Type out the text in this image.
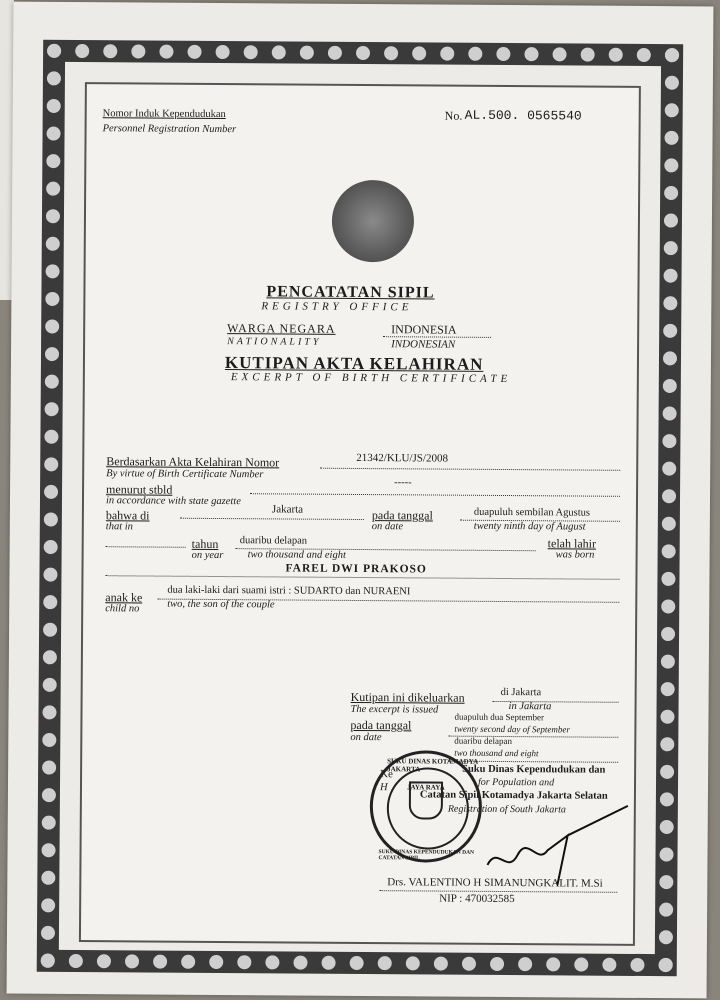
Nomor Induk Kependudukan
Personnel Registration Number
No. AL.500. 0565540
PENCATATAN SIPIL
REGISTRY OFFICE
WARGA NEGARA
NATIONALITY
INDONESIA
INDONESIAN
KUTIPAN AKTA KELAHIRAN
EXCERPT OF BIRTH CERTIFICATE
Berdasarkan Akta Kelahiran Nomor
By virtue of Birth Certificate Number
21342/KLU/JS/2008
menurut stbld
in accordance with state gazette
-----
bahwa di
that in
Jakarta	pada tanggal
on date
duapuluh sembilan Agustus
twenty ninth day of August
tahun
on year
duaribu delapan
two thousand and eight
telah lahir
was born
FAREL DWI PRAKOSO
anak ke
child no
dua laki-laki dari suami istri : SUDARTO dan NURAENI
two, the son of the couple
Kutipan ini dikeluarkan
The excerpt is issued
di Jakarta
in Jakarta
pada tanggal
on date
duapuluh dua September
twenty second day of September
duaribu delapan
two thousand and eight
Ke
H
Suku Dinas Kependudukan dan
for Population and
Catatan Sipil Kotamadya Jakarta Selatan
Registration of South Jakarta
SUKU DINAS KOTAMADYA JAKARTA
JAYA RAYA
SUKU DINAS KEPENDUDUKAN DAN CATATAN SIPIL
Drs. VALENTINO H SIMANUNGKALIT. M.Si
NIP : 470032585
